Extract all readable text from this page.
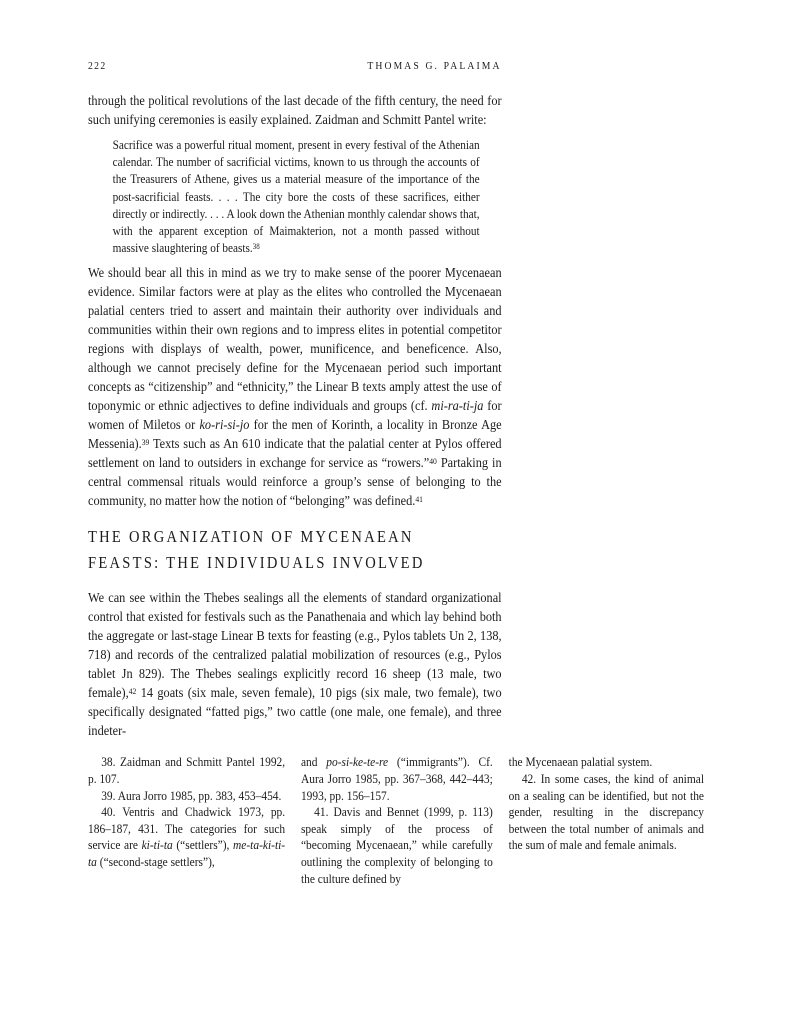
222	THOMAS G. PALAIMA

through the political revolutions of the last decade of the fifth century, the need for such unifying ceremonies is easily explained. Zaidman and Schmitt Pantel write:

Sacrifice was a powerful ritual moment, present in every festival of the Athenian calendar. The number of sacrificial victims, known to us through the accounts of the Treasurers of Athene, gives us a material measure of the importance of the post-sacrificial feasts. . . . The city bore the costs of these sacrifices, either directly or indirectly. . . . A look down the Athenian monthly calendar shows that, with the apparent exception of Maimakterion, not a month passed without massive slaughtering of beasts.$^{38}$

We should bear all this in mind as we try to make sense of the poorer Mycenaean evidence. Similar factors were at play as the elites who controlled the Mycenaean palatial centers tried to assert and maintain their authority over individuals and communities within their own regions and to impress elites in potential competitor regions with displays of wealth, power, munificence, and beneficence. Also, although we cannot precisely define for the Mycenaean period such important concepts as “citizenship” and “ethnicity,” the Linear B texts amply attest the use of toponymic or ethnic adjectives to define individuals and groups (cf. mi-ra-ti-ja for women of Miletos or ko-ri-si-jo for the men of Korinth, a locality in Bronze Age Messenia).$^{39}$ Texts such as An 610 indicate that the palatial center at Pylos offered settlement on land to outsiders in exchange for service as “rowers.”$^{40}$ Partaking in central commensal rituals would reinforce a group’s sense of belonging to the community, no matter how the notion of “belonging” was defined.$^{41}$

THE ORGANIZATION OF MYCENAEAN
FEASTS: THE INDIVIDUALS INVOLVED

We can see within the Thebes sealings all the elements of standard organizational control that existed for festivals such as the Panathenaia and which lay behind both the aggregate or last-stage Linear B texts for feasting (e.g., Pylos tablets Un 2, 138, 718) and records of the centralized palatial mobilization of resources (e.g., Pylos tablet Jn 829). The Thebes sealings explicitly record 16 sheep (13 male, two female),$^{42}$ 14 goats (six male, seven female), 10 pigs (six male, two female), two specifically designated “fatted pigs,” two cattle (one male, one female), and three indeter-

38. Zaidman and Schmitt Pantel 1992, p. 107.

39. Aura Jorro 1985, pp. 383, 453–454.

40. Ventris and Chadwick 1973, pp. 186–187, 431. The categories for such service are ki-ti-ta (“settlers”), me-ta-ki-ti-ta (“second-stage settlers”),

and po-si-ke-te-re (“immigrants”). Cf. Aura Jorro 1985, pp. 367–368, 442–443; 1993, pp. 156–157.

41. Davis and Bennet (1999, p. 113) speak simply of the process of “becoming Mycenaean,” while carefully outlining the complexity of belonging to the culture defined by

the Mycenaean palatial system.

42. In some cases, the kind of animal on a sealing can be identified, but not the gender, resulting in the discrepancy between the total number of animals and the sum of male and female animals.
